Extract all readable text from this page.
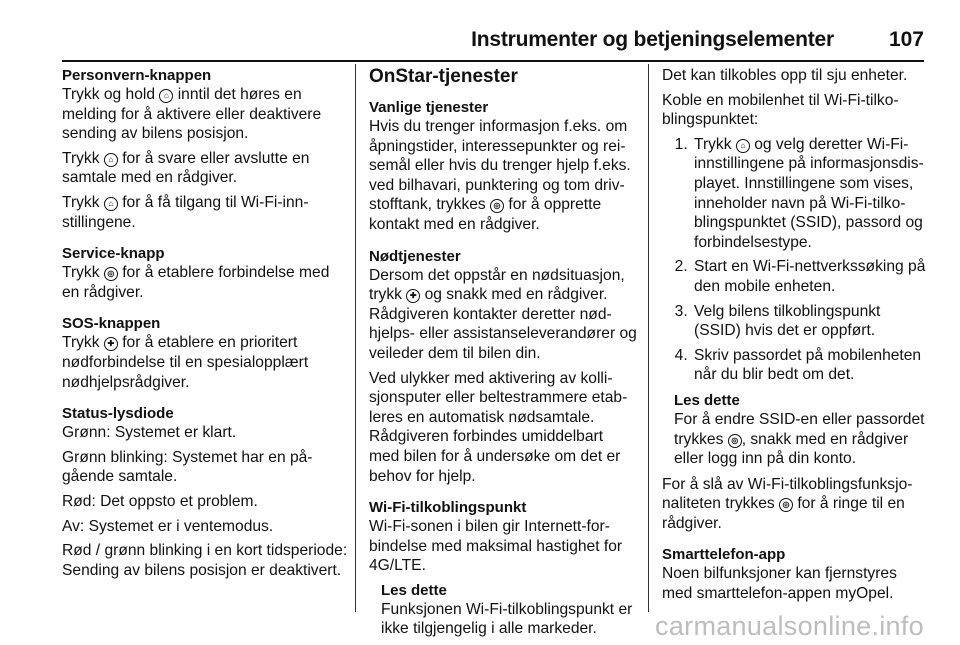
Instrumenter og betjeningselementer	107
Personvern-knappen
Trykk og hold ⌂ inntil det høres en melding for å aktivere eller deaktivere sending av bilens posisjon.
Trykk ⌂ for å svare eller avslutte en samtale med en rådgiver.
Trykk ⌂ for å få tilgang til Wi-Fi-innstillingene.
Service-knapp
Trykk ◎ for å etablere forbindelse med en rådgiver.
SOS-knappen
Trykk ✚ for å etablere en prioritert nødforbindelse til en spesialopplært nødhjelpsrådgiver.
Status-lysdiode
Grønn: Systemet er klart.
Grønn blinking: Systemet har en pågående samtale.
Rød: Det oppsto et problem.
Av: Systemet er i ventemodus.
Rød / grønn blinking i en kort tidsperiode: Sending av bilens posisjon er deaktivert.
OnStar-tjenester
Vanlige tjenester
Hvis du trenger informasjon f.eks. om åpningstider, interessepunkter og reisemål eller hvis du trenger hjelp f.eks. ved bilhavari, punktering og tom drivstofftank, trykkes ◎ for å opprette kontakt med en rådgiver.
Nødtjenester
Dersom det oppstår en nødsituasjon, trykk ✚ og snakk med en rådgiver. Rådgiveren kontakter deretter nødhjelps- eller assistanseleverandører og veileder dem til bilen din.
Ved ulykker med aktivering av kollisjonsputer eller beltestrammere etableres en automatisk nødsamtale. Rådgiveren forbindes umiddelbart med bilen for å undersøke om det er behov for hjelp.
Wi-Fi-tilkoblingspunkt
Wi-Fi-sonen i bilen gir Internett-forbindelse med maksimal hastighet for 4G/LTE.
Les dette
Funksjonen Wi-Fi-tilkoblingspunkt er ikke tilgjengelig i alle markeder.
Det kan tilkobles opp til sju enheter.
Koble en mobilenhet til Wi-Fi-tilkoblingspunktet:
1. Trykk ⌂ og velg deretter Wi-Fi-innstillingene på informasjonsdisplayet. Innstillingene som vises, inneholder navn på Wi-Fi-tilkoblingspunktet (SSID), passord og forbindelsestype.
2. Start en Wi-Fi-nettverkssøking på den mobile enheten.
3. Velg bilens tilkoblingspunkt (SSID) hvis det er oppført.
4. Skriv passordet på mobilenheten når du blir bedt om det.
Les dette
For å endre SSID-en eller passordet trykkes ◎ , snakk med en rådgiver eller logg inn på din konto.
For å slå av Wi-Fi-tilkoblingsfunksjonaliteten trykkes ◎ for å ringe til en rådgiver.
Smarttelefon-app
Noen bilfunksjoner kan fjernstyres med smarttelefon-appen myOpel.
carmanualsonline.info
